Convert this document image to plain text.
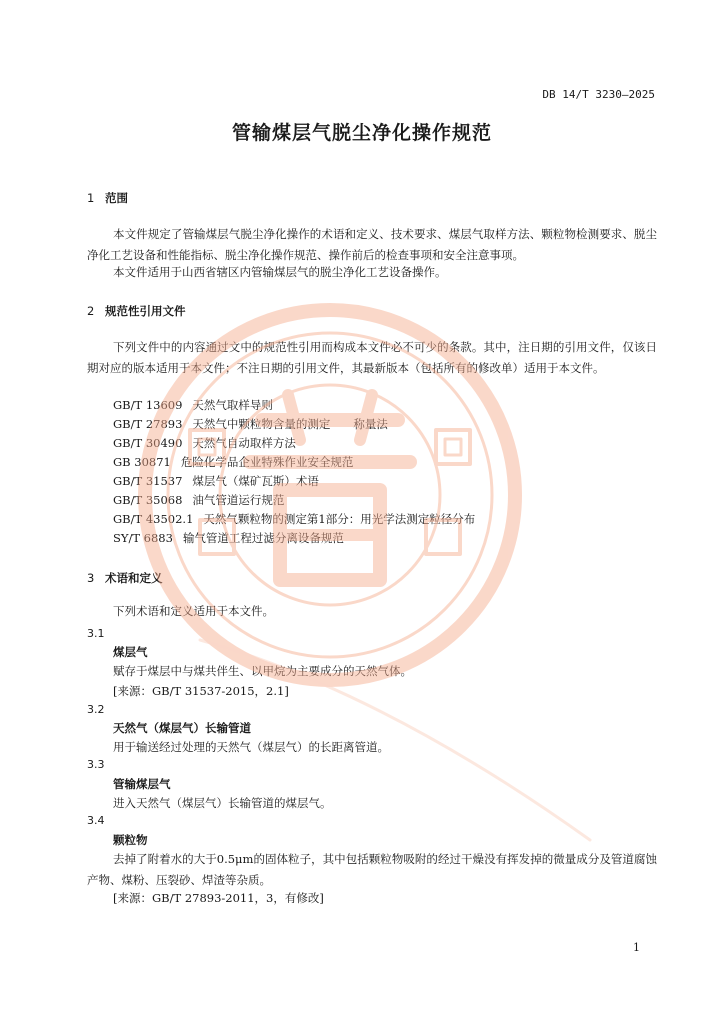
DB 14/T 3230—2025
管输煤层气脱尘净化操作规范
1 范围
本文件规定了管输煤层气脱尘净化操作的术语和定义、技术要求、煤层气取样方法、颗粒物检测要求、脱尘净化工艺设备和性能指标、脱尘净化操作规范、操作前后的检查事项和安全注意事项。
本文件适用于山西省辖区内管输煤层气的脱尘净化工艺设备操作。
2 规范性引用文件
下列文件中的内容通过文中的规范性引用而构成本文件必不可少的条款。其中，注日期的引用文件，仅该日期对应的版本适用于本文件；不注日期的引用文件，其最新版本（包括所有的修改单）适用于本文件。
GB/T 13609 天然气取样导则
GB/T 27893 天然气中颗粒物含量的测定　　称量法
GB/T 30490 天然气自动取样方法
GB 30871 危险化学品企业特殊作业安全规范
GB/T 31537 煤层气（煤矿瓦斯）术语
GB/T 35068 油气管道运行规范
GB/T 43502.1 天然气颗粒物的测定第1部分：用光学法测定粒径分布
SY/T 6883 输气管道工程过滤分离设备规范
3 术语和定义
下列术语和定义适用于本文件。
3.1
煤层气
赋存于煤层中与煤共伴生、以甲烷为主要成分的天然气体。
[来源：GB/T 31537-2015，2.1]
3.2
天然气（煤层气）长输管道
用于输送经过处理的天然气（煤层气）的长距离管道。
3.3
管输煤层气
进入天然气（煤层气）长输管道的煤层气。
3.4
颗粒物
去掉了附着水的大于0.5μm的固体粒子，其中包括颗粒物吸附的经过干燥没有挥发掉的微量成分及管道腐蚀产物、煤粉、压裂砂、焊渣等杂质。
[来源：GB/T 27893-2011，3，有修改]
1
